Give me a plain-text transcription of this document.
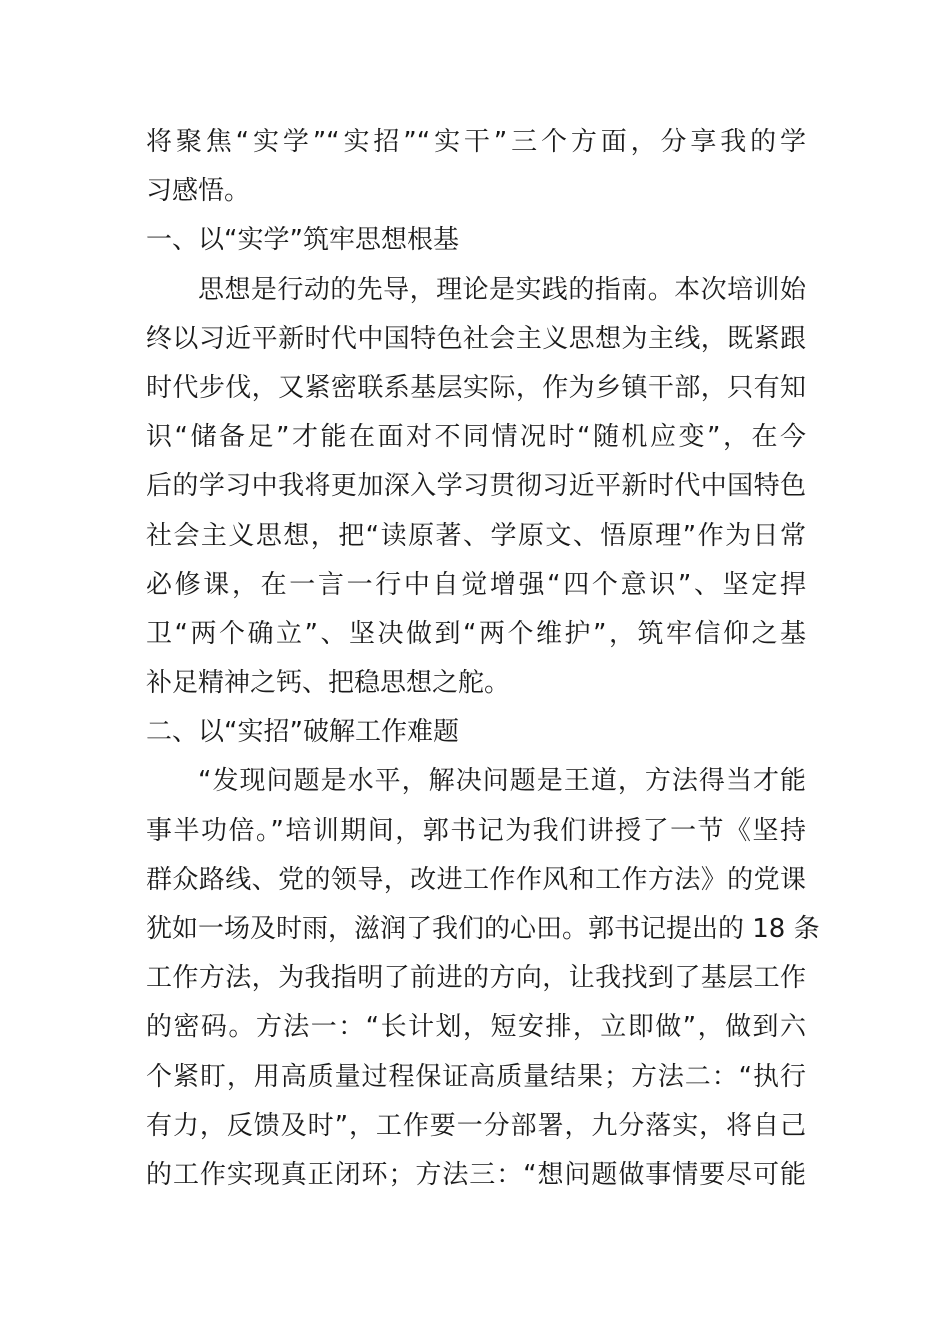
将聚焦“实学”“实招”“实干”三个方面，分享我的学
习感悟。
一、以“实学”筑牢思想根基
思想是行动的先导，理论是实践的指南。本次培训始
终以习近平新时代中国特色社会主义思想为主线，既紧跟
时代步伐，又紧密联系基层实际，作为乡镇干部，只有知
识“储备足”才能在面对不同情况时“随机应变”，在今
后的学习中我将更加深入学习贯彻习近平新时代中国特色
社会主义思想，把“读原著、学原文、悟原理”作为日常
必修课，在一言一行中自觉增强“四个意识”、坚定捍
卫“两个确立”、坚决做到“两个维护”，筑牢信仰之基
补足精神之钙、把稳思想之舵。
二、以“实招”破解工作难题
“发现问题是水平，解决问题是王道，方法得当才能
事半功倍。”培训期间，郭书记为我们讲授了一节《坚持
群众路线、党的领导，改进工作作风和工作方法》的党课
犹如一场及时雨，滋润了我们的心田。郭书记提出的 18 条
工作方法，为我指明了前进的方向，让我找到了基层工作
的密码。方法一：“长计划，短安排，立即做”，做到六
个紧盯，用高质量过程保证高质量结果；方法二：“执行
有力，反馈及时”，工作要一分部署，九分落实，将自己
的工作实现真正闭环；方法三：“想问题做事情要尽可能
